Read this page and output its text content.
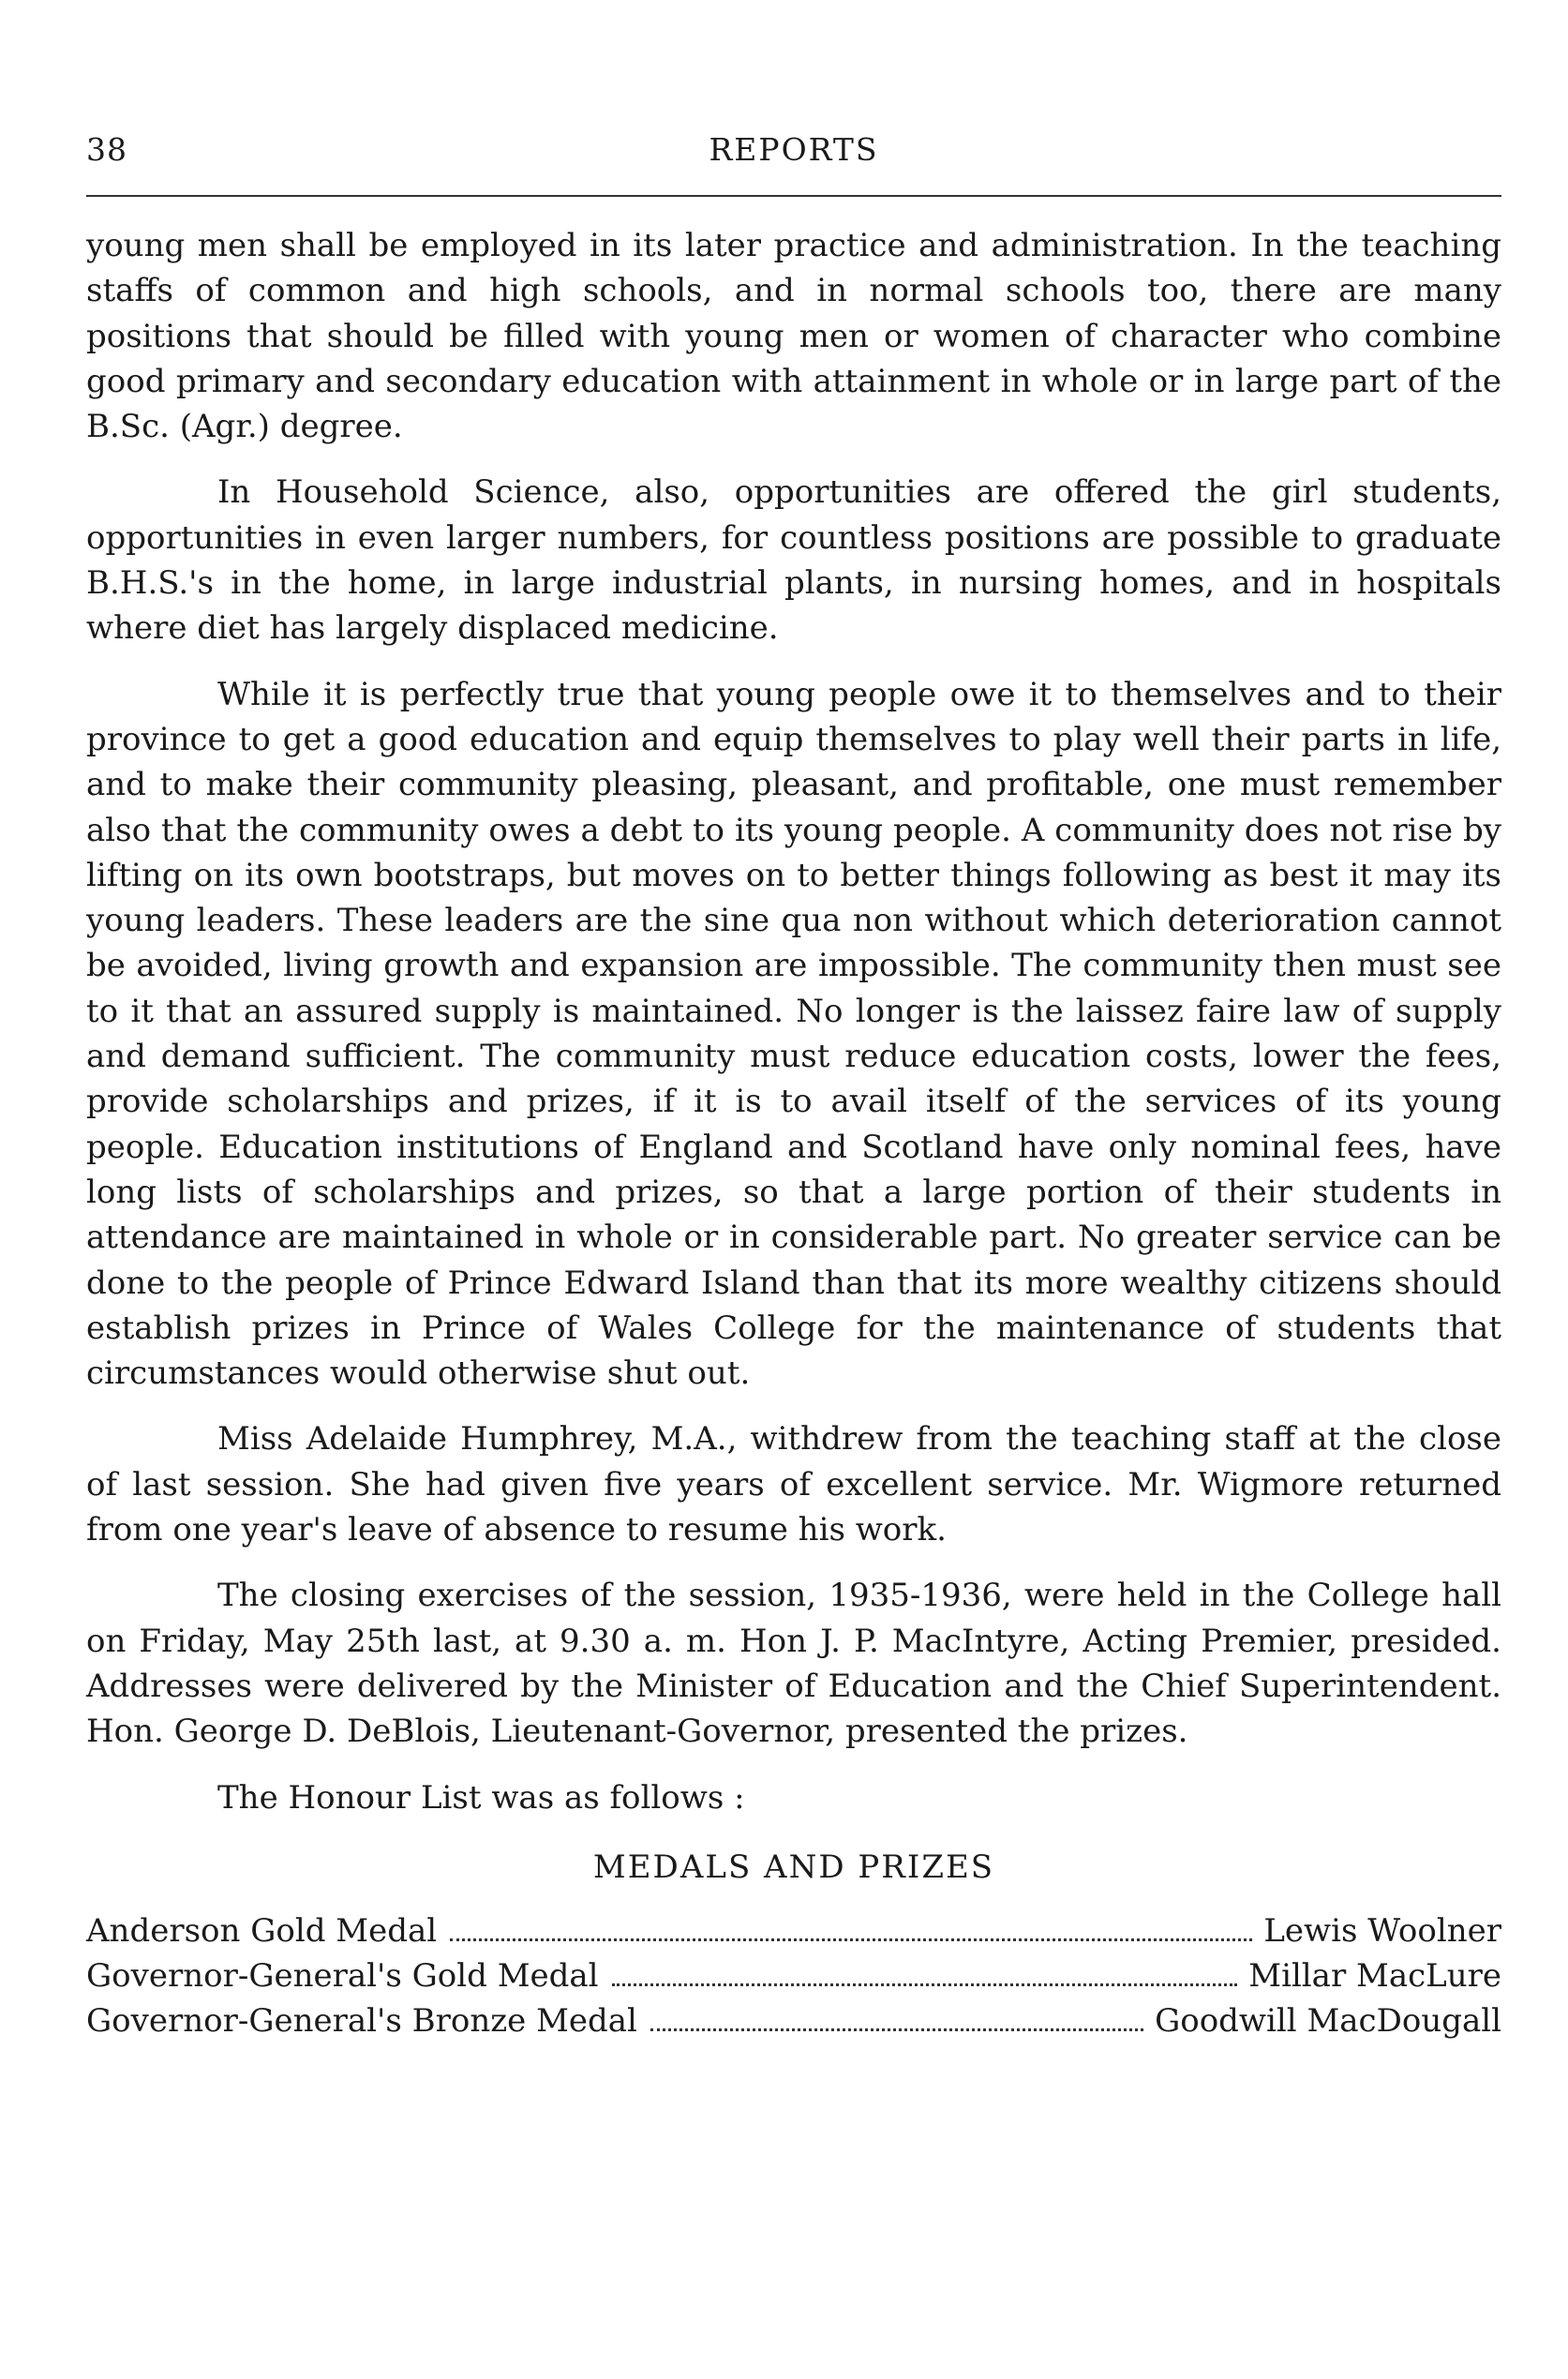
38	REPORTS

young men shall be employed in its later practice and administration. In the teaching staffs of common and high schools, and in normal schools too, there are many positions that should be filled with young men or women of character who combine good primary and secondary education with attainment in whole or in large part of the B.Sc. (Agr.) degree.

In Household Science, also, opportunities are offered the girl students, opportunities in even larger numbers, for countless positions are possible to graduate B.H.S.'s in the home, in large industrial plants, in nursing homes, and in hospitals where diet has largely displaced medicine.

While it is perfectly true that young people owe it to themselves and to their province to get a good education and equip themselves to play well their parts in life, and to make their community pleasing, pleasant, and profitable, one must remember also that the community owes a debt to its young people. A community does not rise by lifting on its own bootstraps, but moves on to better things following as best it may its young leaders. These leaders are the sine qua non without which deterioration cannot be avoided, living growth and expansion are impossible. The community then must see to it that an assured supply is maintained. No longer is the laissez faire law of supply and demand sufficient. The community must reduce education costs, lower the fees, provide scholarships and prizes, if it is to avail itself of the services of its young people. Education institutions of England and Scotland have only nominal fees, have long lists of scholarships and prizes, so that a large portion of their students in attendance are maintained in whole or in considerable part. No greater service can be done to the people of Prince Edward Island than that its more wealthy citizens should establish prizes in Prince of Wales College for the maintenance of students that circumstances would otherwise shut out.

Miss Adelaide Humphrey, M.A., withdrew from the teaching staff at the close of last session. She had given five years of excellent service. Mr. Wigmore returned from one year's leave of absence to resume his work.

The closing exercises of the session, 1935-1936, were held in the College hall on Friday, May 25th last, at 9.30 a. m. Hon J. P. MacIntyre, Acting Premier, presided. Addresses were delivered by the Minister of Education and the Chief Superintendent. Hon. George D. DeBlois, Lieutenant-Governor, presented the prizes.

The Honour List was as follows :

MEDALS AND PRIZES
Anderson Gold Medal	Lewis Woolner
Governor-General's Gold Medal	Millar MacLure
Governor-General's Bronze Medal	Goodwill MacDougall
